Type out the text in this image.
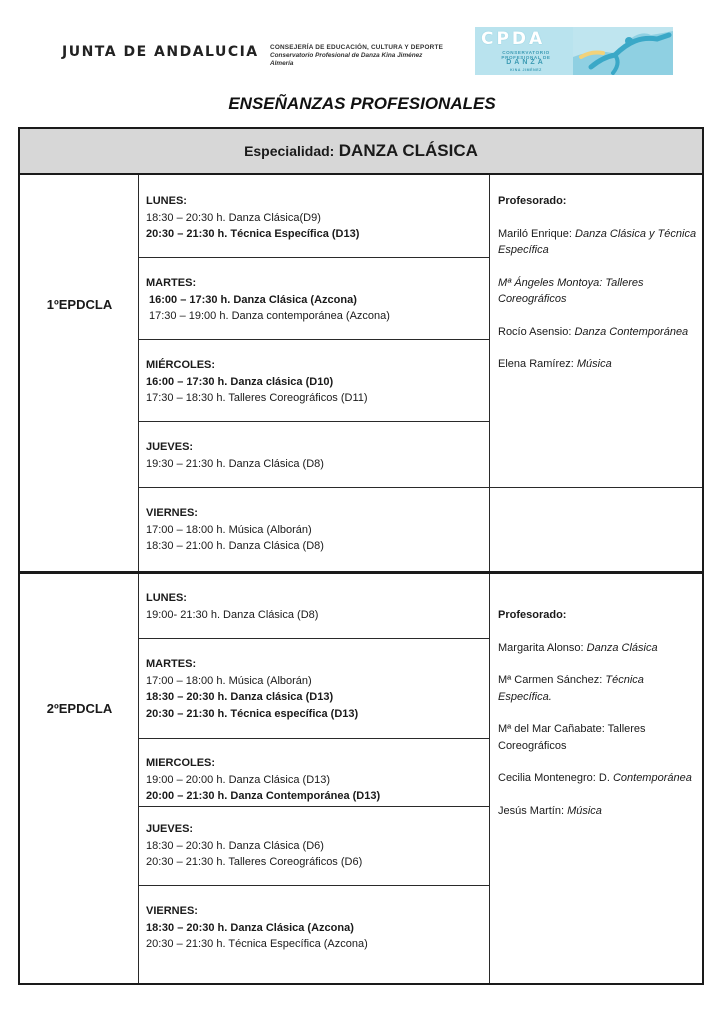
JUNTA DE ANDALUCIA CONSEJERÍA DE EDUCACIÓN, CULTURA Y DEPORTE
Conservatorio Profesional de Danza Kina Jiménez
Almería
CPDA
CONSERVATORIO
PROFESIONAL DE
DANZA
KINA JIMÉNEZ
ENSEÑANZAS PROFESIONALES
Especialidad: DANZA CLÁSICA
1ºEPDCLA
LUNES:
18:30 – 20:30 h. Danza Clásica(D9)
20:30 – 21:30 h. Técnica Específica (D13)
MARTES:
16:00 – 17:30 h. Danza Clásica (Azcona)
17:30 – 19:00 h. Danza contemporánea (Azcona)
MIÉRCOLES:
16:00 – 17:30 h. Danza clásica (D10)
17:30 – 18:30 h. Talleres Coreográficos (D11)
JUEVES:
19:30 – 21:30 h. Danza Clásica (D8)
VIERNES:
17:00 – 18:00 h. Música (Alborán)
18:30 – 21:00 h. Danza Clásica (D8)
Profesorado:
Mariló Enrique: Danza Clásica y Técnica Específica
Mª Ángeles Montoya: Talleres Coreográficos
Rocío Asensio: Danza Contemporánea
Elena Ramírez: Música
2ºEPDCLA
LUNES:
19:00- 21:30 h. Danza Clásica (D8)
MARTES:
17:00 – 18:00 h. Música (Alborán)
18:30 – 20:30 h. Danza clásica (D13)
20:30 – 21:30 h. Técnica específica (D13)
MIERCOLES:
19:00 – 20:00 h. Danza Clásica (D13)
20:00 – 21:30 h. Danza Contemporánea (D13)
JUEVES:
18:30 – 20:30 h. Danza Clásica (D6)
20:30 – 21:30 h. Talleres Coreográficos (D6)
VIERNES:
18:30 – 20:30 h. Danza Clásica (Azcona)
20:30 – 21:30 h. Técnica Específica (Azcona)
Profesorado:
Margarita Alonso: Danza Clásica
Mª Carmen Sánchez: Técnica Específica.
Mª del Mar Cañabate: Talleres Coreográficos
Cecilia Montenegro: D. Contemporánea
Jesús Martín: Música
